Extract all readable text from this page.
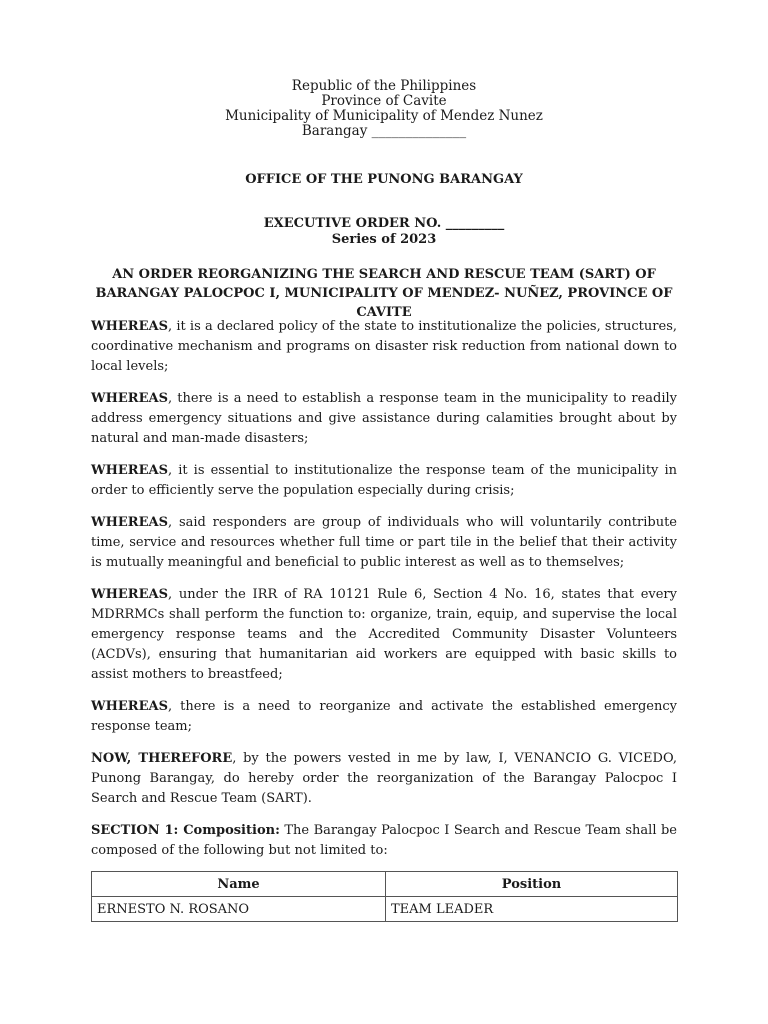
Republic of the Philippines
Province of Cavite
Municipality of Municipality of Mendez Nunez
Barangay ______________
OFFICE OF THE PUNONG BARANGAY
EXECUTIVE ORDER NO. _________
Series of 2023
AN ORDER REORGANIZING THE SEARCH AND RESCUE TEAM (SART) OF BARANGAY PALOCPOC I, MUNICIPALITY OF MENDEZ- NUÑEZ, PROVINCE OF CAVITE

WHEREAS, it is a declared policy of the state to institutionalize the policies, structures, coordinative mechanism and programs on disaster risk reduction from national down to local levels;

WHEREAS, there is a need to establish a response team in the municipality to readily address emergency situations and give assistance during calamities brought about by natural and man-made disasters;

WHEREAS, it is essential to institutionalize the response team of the municipality in order to efficiently serve the population especially during crisis;

WHEREAS, said responders are group of individuals who will voluntarily contribute time, service and resources whether full time or part tile in the belief that their activity is mutually meaningful and beneficial to public interest as well as to themselves;

WHEREAS, under the IRR of RA 10121 Rule 6, Section 4 No. 16, states that every MDRRMCs shall perform the function to: organize, train, equip, and supervise the local emergency response teams and the Accredited Community Disaster Volunteers (ACDVs), ensuring that humanitarian aid workers are equipped with basic skills to assist mothers to breastfeed;

WHEREAS, there is a need to reorganize and activate the established emergency response team;

NOW, THEREFORE, by the powers vested in me by law, I, VENANCIO G. VICEDO, Punong Barangay, do hereby order the reorganization of the Barangay Palocpoc I Search and Rescue Team (SART).

SECTION 1: Composition: The Barangay Palocpoc I Search and Rescue Team shall be composed of the following but not limited to:

Name	Position
ERNESTO N. ROSANO	TEAM LEADER
